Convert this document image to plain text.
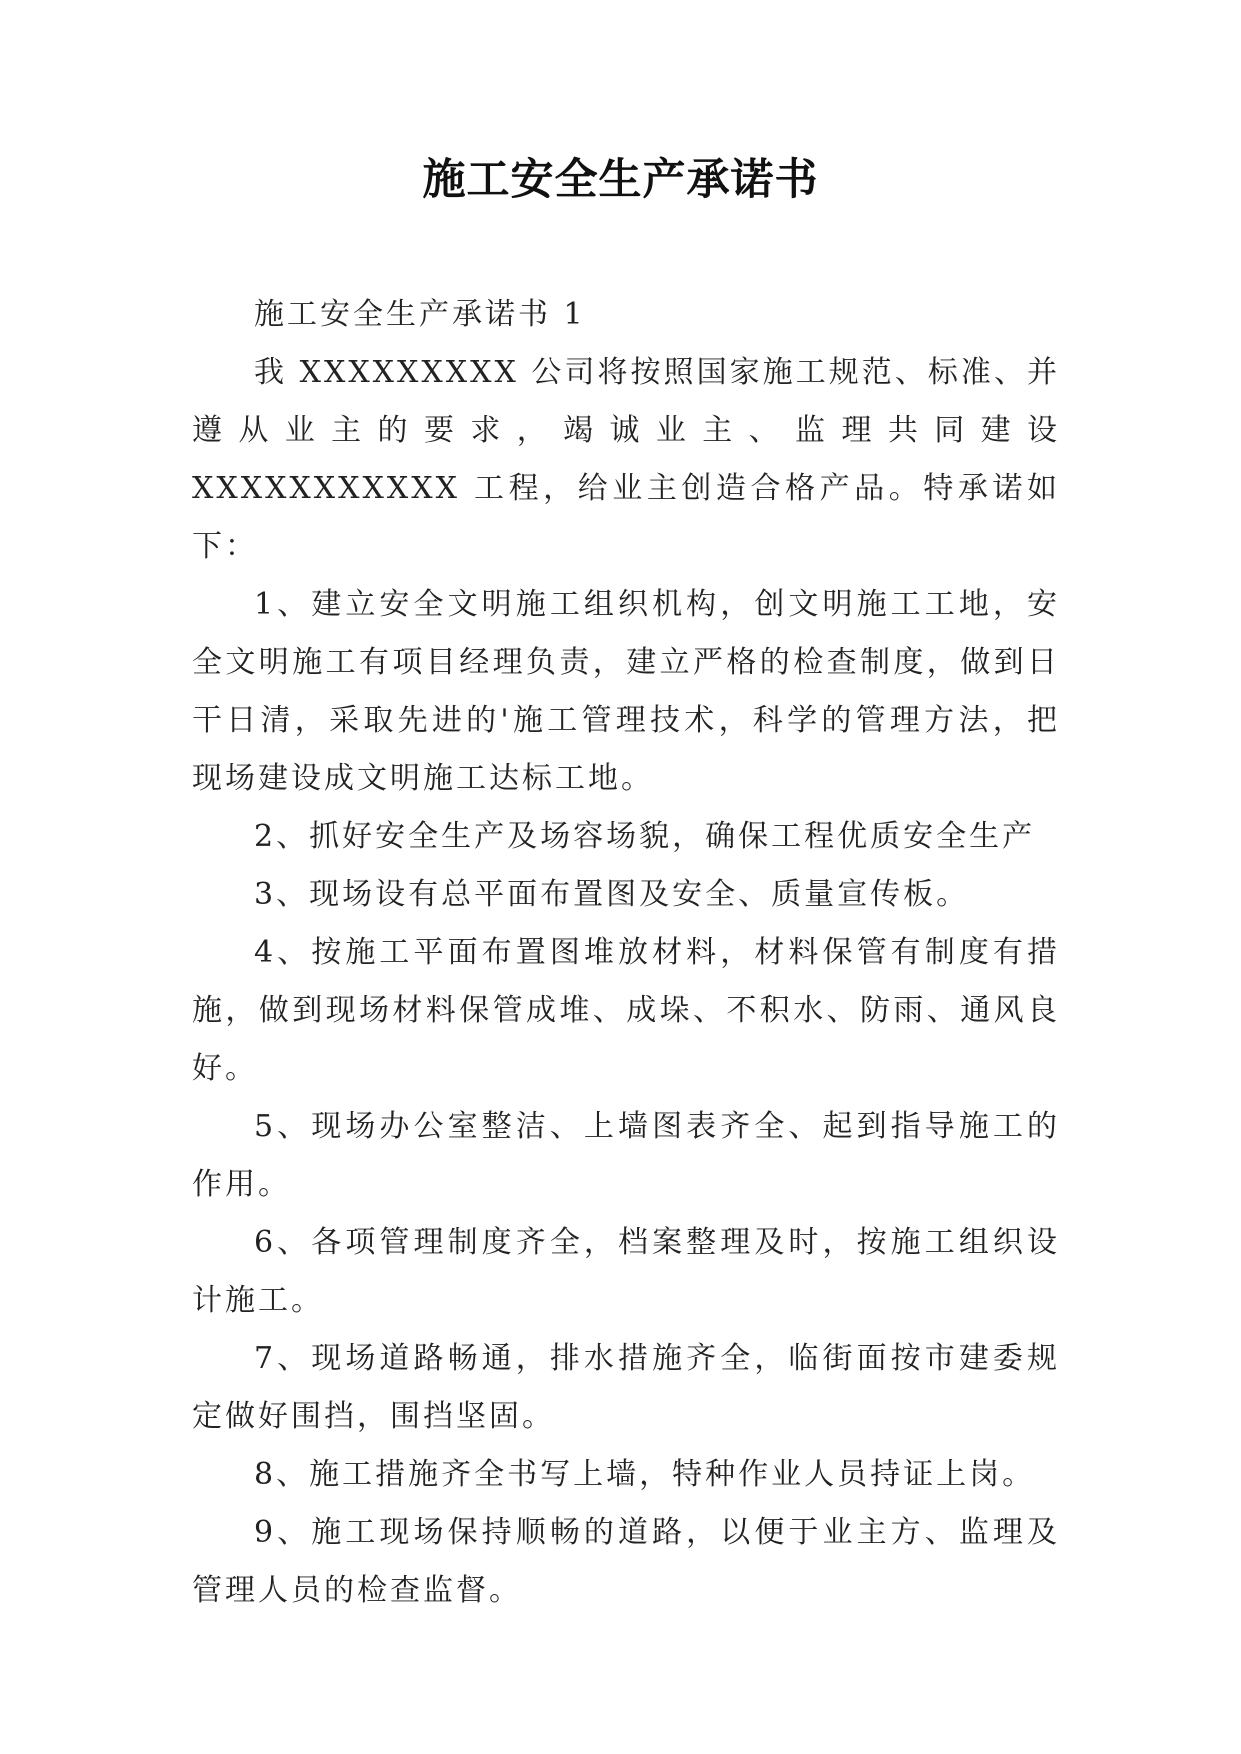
施工安全生产承诺书

施工安全生产承诺书 1

我 XXXXXXXXX 公司将按照国家施工规范、标准、并遵从业主的要求，竭诚业主、监理共同建设 XXXXXXXXXXX 工程，给业主创造合格产品。特承诺如下：

1、建立安全文明施工组织机构，创文明施工工地，安全文明施工有项目经理负责，建立严格的检查制度，做到日干日清，采取先进的'施工管理技术，科学的管理方法，把现场建设成文明施工达标工地。

2、抓好安全生产及场容场貌，确保工程优质安全生产

3、现场设有总平面布置图及安全、质量宣传板。

4、按施工平面布置图堆放材料，材料保管有制度有措施，做到现场材料保管成堆、成垛、不积水、防雨、通风良好。

5、现场办公室整洁、上墙图表齐全、起到指导施工的作用。

6、各项管理制度齐全，档案整理及时，按施工组织设计施工。

7、现场道路畅通，排水措施齐全，临街面按市建委规定做好围挡，围挡坚固。

8、施工措施齐全书写上墙，特种作业人员持证上岗。

9、施工现场保持顺畅的道路，以便于业主方、监理及管理人员的检查监督。
